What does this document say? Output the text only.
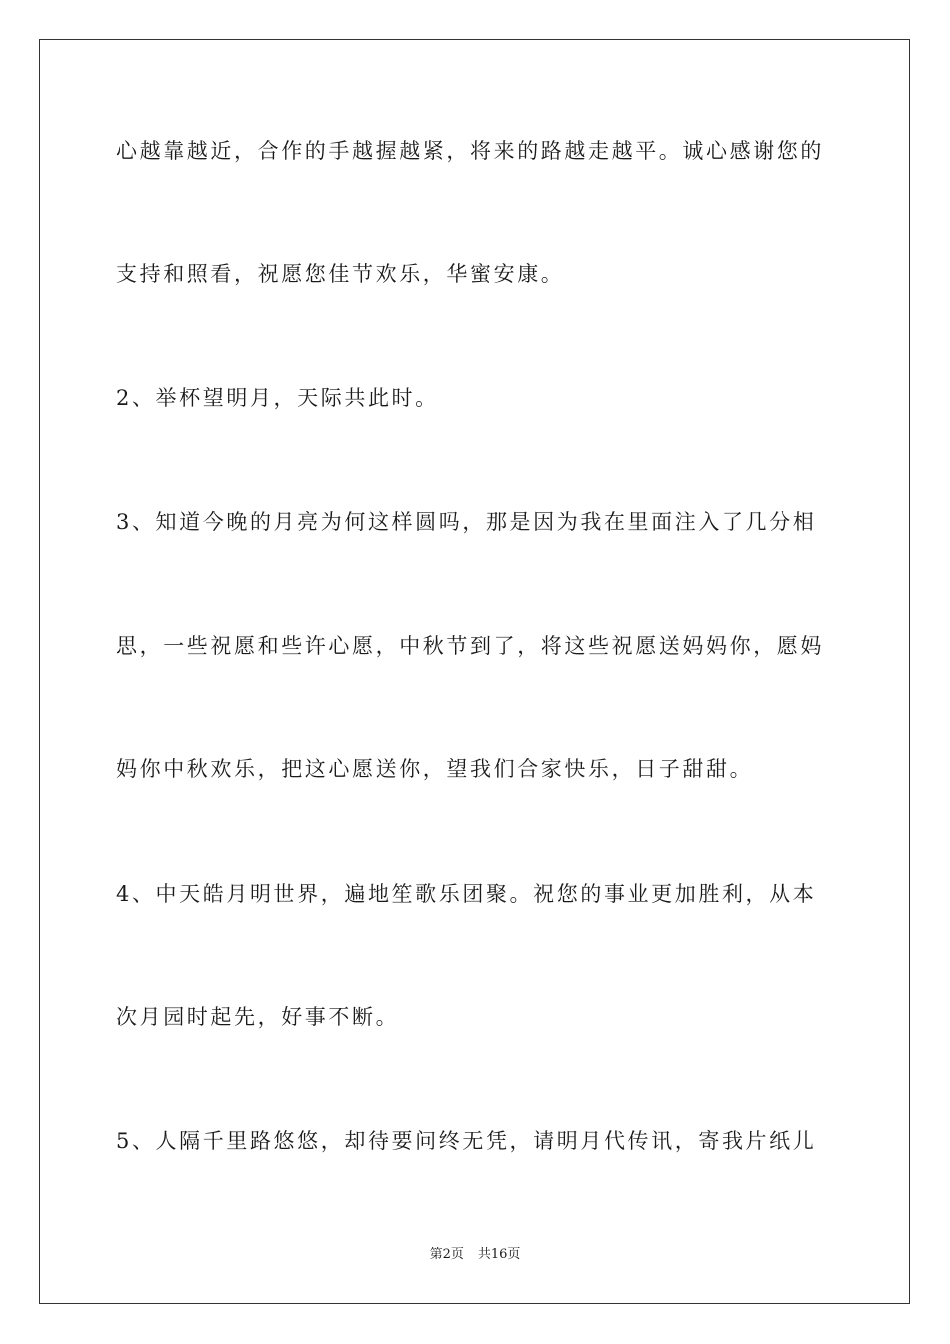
心越靠越近，合作的手越握越紧，将来的路越走越平。诚心感谢您的
支持和照看，祝愿您佳节欢乐，华蜜安康。
2、举杯望明月，天际共此时。
3、知道今晚的月亮为何这样圆吗，那是因为我在里面注入了几分相
思，一些祝愿和些许心愿，中秋节到了，将这些祝愿送妈妈你，愿妈
妈你中秋欢乐，把这心愿送你，望我们合家快乐，日子甜甜。
4、中天皓月明世界，遍地笙歌乐团聚。祝您的事业更加胜利，从本
次月园时起先，好事不断。
5、人隔千里路悠悠，却待要问终无凭，请明月代传讯，寄我片纸儿
第2页 共16页
